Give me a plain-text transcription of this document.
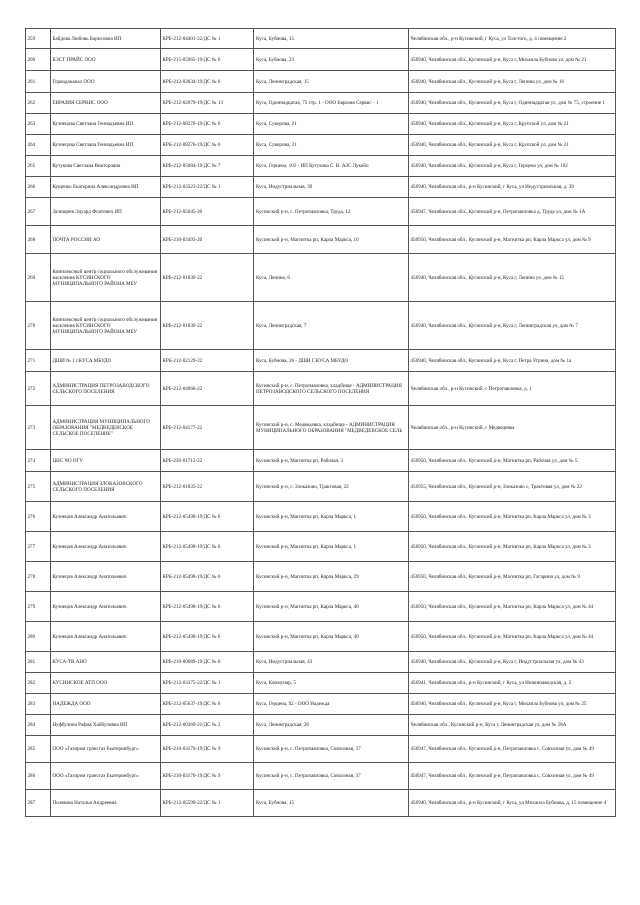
259	Байдова Любовь Борисовна ИП	КРБ-212-04401-22/ДС № 1	Куса, Бубнова, 15	Челябинская обл., р-н Кусинский, г Куса, ул Толстого, д. 4 помещение 2
260	БЭСТ ПРАЙС ООО	КРБ-215-05965-19/ДС № 6	Куса, Бубнова, 23	456940, Челябинская обл., Кусинский р-н, Куса г, Михаила Бубнова ул, дом № 21
261	Горводоканал ООО	КРБ-212-02634-19/ДС № 6	Куса, Ленинградская, 15	456940, Челябинская обл., Кусинский р-н, Куса г, Ленина ул, дом № 16
262	ЕВРАЗИЯ СЕРВИС ООО	КРБ-212-02079-19/ДС № 13	Куса, Одиннадцатая, 75 стр. 1 - ООО Евразия Сервис - 1	456940, Челябинская обл., Кусинский р-н, Куса г, Одиннадцатая ул, дом № 75, строение 1
263	Кузнецова Светлана Геннадьевна ИП	КРБ-212-08276-19/ДС № 6	Куса, Суворова, 21	456940, Челябинская обл., Кусинский р-н, Куса г, Крупской ул, дом № 21
264	Кузнецова Светлана Геннадьевна ИП	КРБ-212-08276-19/ДС № 6	Куса, Суворова, 21	456940, Челябинская обл., Кусинский р-н, Куса г, Крупской ул, дом № 21
265	Кутукова Светлана Викторовна	КРБ-212-05084-19/ДС № 7	Куса, Герцена, 102 - ИП Кутукова С. В. АЗС Лукойл	456940, Челябинская обл., Кусинский р-н, Куса г, Герцена ул, дом № 102
266	Кущенко Екатерина Александровна ИП	КРБ-212-03323-22/ДС № 1	Куса, Индустриальная, 39	456940, Челябинская обл., р-н Кусинский, г Куса, ул Индустриальная, д. 39
267	Залищнев Эдуард Фоатович ИП	КРБ-212-05045-20	Кусинский р-н, с. Петропавловка, Труда, 12	456947, Челябинская обл., Кусинский р-н, Петропавловка д, Труда ул, дом № 1А
268	ПОЧТА РОССИИ АО	КРБ-210-03493-20	Кусинский р-н, Магнитка рп, Карла Маркса, 10	456950, Челябинская обл., Кусинский р-н, Магнитка рп, Карла Маркса ул, дом № 9
269	Комплексный центр социального обслуживания населения КУСИНСКОГО МУНИЦИПАЛЬНОГО РАЙОНА МБУ	КРБ-212-01830-22	Куса, Ленина, 6	456940, Челябинская обл., Кусинский р-н, Куса г, Ленина ул, дом № 15
270	Комплексный центр социального обслуживания населения КУСИНСКОГО МУНИЦИПАЛЬНОГО РАЙОНА МБУ	КРБ-212-01830-22	Куса, Ленинградская, 7	456940, Челябинская обл., Кусинский р-н, Куса г, Ленинградская ул, дом № 7
271	ДШИ № 1 г.КУСА МБУДО	КРБ-212-02129-22	Куса, Бубнова, 26 - ДШИ Г.КУСА МБУДО	456940, Челябинская обл., Кусинский р-н, Куса г, Петра Угрина, дом № 1а
272	АДМИНИСТРАЦИЯ ПЕТРОЗАВОДСКОГО СЕЛЬСКОГО ПОСЕЛЕНИЯ	КРБ-212-04066-22	Кусинский р-н, с. Петропавловка, кладбище - АДМИНИСТРАЦИЯ ПЕТРОЗАВОДСКОГО СЕЛЬСКОГО ПОСЕЛЕНИЯ	Челябинская обл., р-н Кусинский, с Петропавловка, д. 1
273	АДМИНИСТРАЦИЯ МУНИЦИПАЛЬНОГО ОБРАЗОВАНИЯ "МЕДВЕДЕВСКОЕ СЕЛЬСКОЕ ПОСЕЛЕНИЕ"	КРБ-212-04177-22	Кусинский р-н, с. Медведевка, кладбище - АДМИНИСТРАЦИЯ МУНИЦИПАЛЬНОГО ОБРАЗОВАНИЯ "МЕДВЕДЕВСКОЕ СЕЛЬ	Челябинская обл., р-н Кусинский, с Медведевка
274	ЦНС ЧО ОГУ	КРБ-236-01712-22	Кусинский р-н, Магнитка рп, Рабочая, 3	456950, Челябинская обл., Кусинский р-н, Магнитка рп, Рабочая ул, дом № 5
275	АДМИНИСТРАЦИЯ ЗЛОКАЗОВСКОГО СЕЛЬСКОГО ПОСЕЛЕНИЯ	КРБ-212-01835-22	Кусинский р-н, с. Злоказово, Трактовая, 22	456955, Челябинская обл., Кусинский р-н, Злоказово с, Трактовая ул, дом № 22
276	Кузнецов Александр Анатольевич	КРБ-212-05498-19/ДС № 6	Кусинский р-н, Магнитка рп, Карла Маркса, 1	456950, Челябинская обл., Кусинский р-н, Магнитка рп, Карла Маркса ул, дом № 3
277	Кузнецов Александр Анатольевич	КРБ-212-05498-19/ДС № 6	Кусинский р-н, Магнитка рп, Карла Маркса, 1	456950, Челябинская обл., Кусинский р-н, Магнитка рп, Карла Маркса ул, дом № 3
278	Кузнецов Александр Анатольевич	КРБ-212-05498-19/ДС № 6	Кусинский р-н, Магнитка рп, Карла Маркса, 29	456950, Челябинская обл., Кусинский р-н, Магнитка рп, Гагарина ул, дом № 9
279	Кузнецов Александр Анатольевич	КРБ-212-05498-19/ДС № 6	Кусинский р-н, Магнитка рп, Карла Маркса, 40	456950, Челябинская обл., Кусинский р-н, Магнитка рп, Карла Маркса ул, дом № 44
280	Кузнецов Александр Анатольевич	КРБ-212-05498-19/ДС № 6	Кусинский р-н, Магнитка рп, Карла Маркса, 40	456950, Челябинская обл., Кусинский р-н, Магнитка рп, Карла Маркса ул, дом № 44
281	КУСА-ТВ АНО	КРБ-210-00689-19/ДС № 6	Куса, Индустриальная, 43	456940, Челябинская обл., Кусинский р-н, Куса г, Индустриальная ул, дом № 43
282	КУСИНСКОЕ АТП ООО	КРБ-212-03375-22/ДС № 1	Куса, Коммунар, 5	456941, Челябинская обл., р-н Кусинский, г Куса, ул Нижнезаводская, д. 2
283	НАДЕЖДА ООО	КРБ-212-05637-19/ДС № 6	Куса, Герцена, 92 - ООО Надежда	456940, Челябинская обл., Кусинский р-н, Куса г, Михаила Бубнова ул, дом № 25
284	Нуфбулина Рафия Хайбуловна ИП	КРБ-212-00369-21/ДС № 2	Куса, Ленинградская, 26	Челябинская обл., Кусинский р-н, Куса г, Ленинградская ул, дом № 28А
285	ООО «Газпром трансгаз Екатеринбург»	КРБ-210-03170-19/ДС № 9	Кусинский р-н, с. Петропавловка, Совхозная, 37	456947, Челябинская обл., Кусинский р-н, Петропавловка с, Совхозная ул, дом № 49
286	ООО «Газпром трансгаз Екатеринбург»	КРБ-210-03170-19/ДС № 9	Кусинский р-н, с. Петропавловка, Совхозная, 37	456947, Челябинская обл., Кусинский р-н, Петропавловка с, Совхозная ул, дом № 49
287	Полякова Наталья Андреевна	КРБ-212-05599-22/ДС № 1	Куса, Бубнова, 15	456940, Челябинская обл., р-н Кусинский, г Куса, ул Михаила Бубнова, д. 15 помещение 4
